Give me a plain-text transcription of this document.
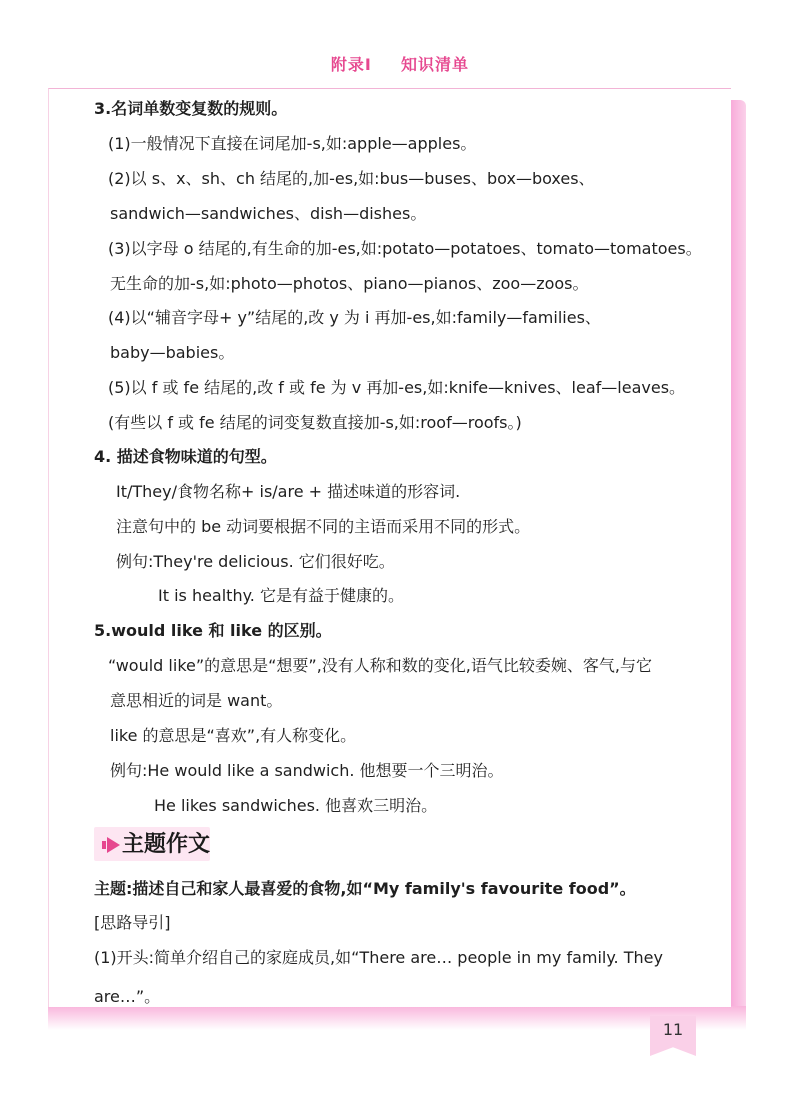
附录Ⅰ 知识清单
3.名词单数变复数的规则。
(1)一般情况下直接在词尾加-s,如:apple—apples。
(2)以 s、x、sh、ch 结尾的,加-es,如:bus—buses、box—boxes、
sandwich—sandwiches、dish—dishes。
(3)以字母 o 结尾的,有生命的加-es,如:potato—potatoes、tomato—tomatoes。
无生命的加-s,如:photo—photos、piano—pianos、zoo—zoos。
(4)以“辅音字母+ y”结尾的,改 y 为 i 再加-es,如:family—families、
baby—babies。
(5)以 f 或 fe 结尾的,改 f 或 fe 为 v 再加-es,如:knife—knives、leaf—leaves。
(有些以 f 或 fe 结尾的词变复数直接加-s,如:roof—roofs。)
4. 描述食物味道的句型。
It/They/食物名称+ is/are + 描述味道的形容词.
注意句中的 be 动词要根据不同的主语而采用不同的形式。
例句:They're delicious. 它们很好吃。
It is healthy. 它是有益于健康的。
5.would like 和 like 的区别。
“would like”的意思是“想要”,没有人称和数的变化,语气比较委婉、客气,与它
意思相近的词是 want。
like 的意思是“喜欢”,有人称变化。
例句:He would like a sandwich. 他想要一个三明治。
He likes sandwiches. 他喜欢三明治。
主题作文
主题:描述自己和家人最喜爱的食物,如“My family's favourite food”。
[思路导引]
(1)开头:简单介绍自己的家庭成员,如“There are… people in my family. They
are…”。
11
